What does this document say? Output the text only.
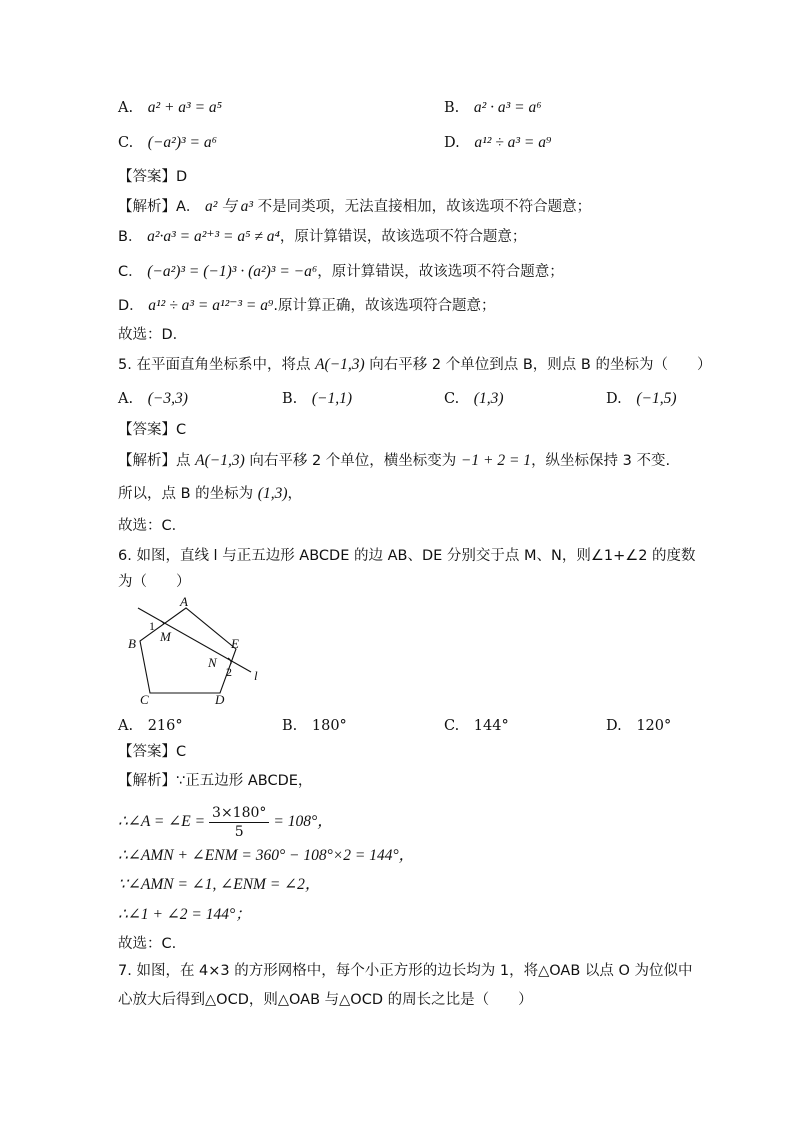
A. a² + a³ = a⁵	B. a² · a³ = a⁶
C. (−a²)³ = a⁶	D. a¹² ÷ a³ = a⁹
【答案】D
【解析】A． a² 与 a³ 不是同类项，无法直接相加，故该选项不符合题意；
B． a²·a³ = a²⁺³ = a⁵ ≠ a⁴，原计算错误，故该选项不符合题意；
C． (−a²)³ = (−1)³ · (a²)³ = −a⁶，原计算错误，故该选项不符合题意；
D． a¹² ÷ a³ = a¹²⁻³ = a⁹.原计算正确，故该选项符合题意；
故选：D．
5. 在平面直角坐标系中，将点 A(−1,3) 向右平移 2 个单位到点 B，则点 B 的坐标为（　　）
A. (−3,3)	B. (−1,1)	C. (1,3)	D. (−1,5)
【答案】C
【解析】点 A(−1,3) 向右平移 2 个单位，横坐标变为 −1 + 2 = 1，纵坐标保持 3 不变.
所以，点 B 的坐标为 (1,3)，
故选：C．
6. 如图，直线 l 与正五边形 ABCDE 的边 AB、DE 分别交于点 M、N，则∠1+∠2 的度数
为（　　）
A
B
C	D
E
M
N
l
1
2
A. 216°	B. 180°	C. 144°	D. 120°
【答案】C
【解析】∵正五边形 ABCDE，
∴∠A = ∠E = $\frac{3\times 180^\circ}{5} = 108^\circ$，
∴∠AMN + ∠ENM = 360° − 108°×2 = 144°，
∵∠AMN = ∠1, ∠ENM = ∠2，
∴∠1 + ∠2 = 144°；
故选：C.
7. 如图，在 4×3 的方形网格中，每个小正方形的边长均为 1，将△OAB 以点 O 为位似中
心放大后得到△OCD，则△OAB 与△OCD 的周长之比是（　　）
